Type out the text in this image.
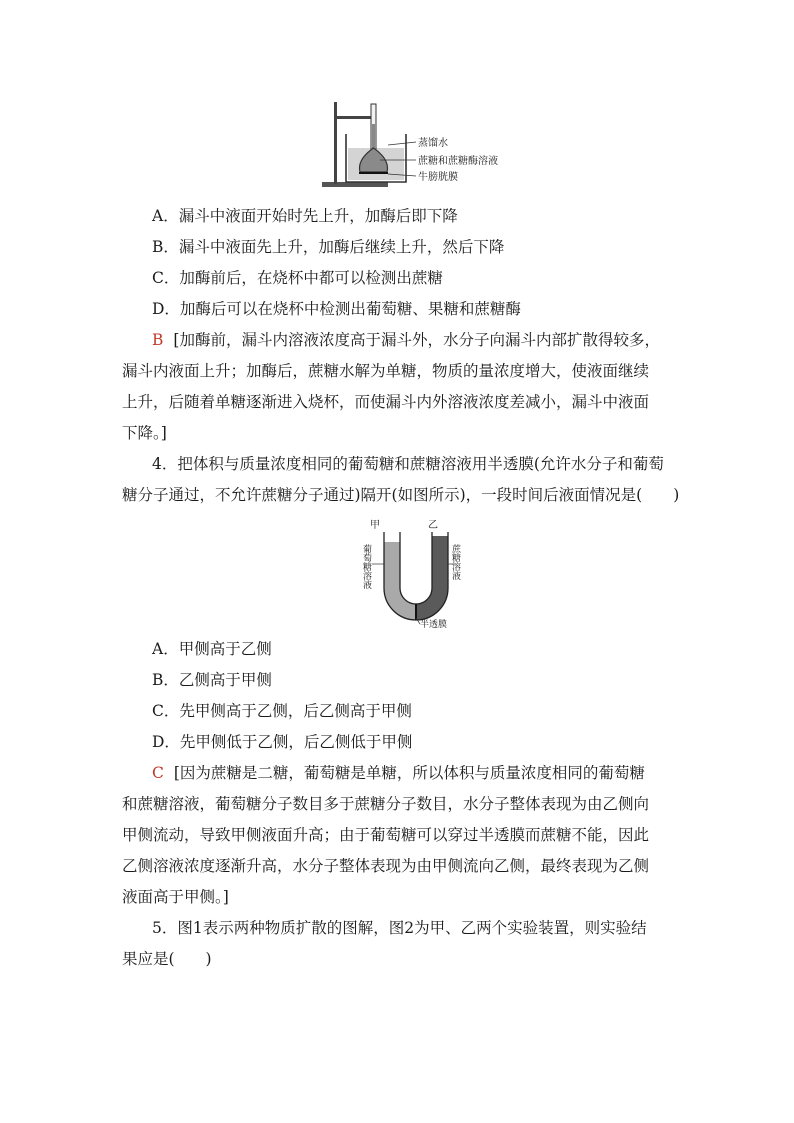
蒸馏水
蔗糖和蔗糖酶溶液
牛膀胱膜
A．漏斗中液面开始时先上升，加酶后即下降
B．漏斗中液面先上升，加酶后继续上升，然后下降
C．加酶前后，在烧杯中都可以检测出蔗糖
D．加酶后可以在烧杯中检测出葡萄糖、果糖和蔗糖酶
B [加酶前，漏斗内溶液浓度高于漏斗外，水分子向漏斗内部扩散得较多，
漏斗内液面上升；加酶后，蔗糖水解为单糖，物质的量浓度增大，使液面继续
上升，后随着单糖逐渐进入烧杯，而使漏斗内外溶液浓度差减小，漏斗中液面
下降。]
4．把体积与质量浓度相同的葡萄糖和蔗糖溶液用半透膜(允许水分子和葡萄
糖分子通过，不允许蔗糖分子通过)隔开(如图所示)，一段时间后液面情况是(　　)
甲	乙
葡萄糖溶液	蔗糖溶液
半透膜
A．甲侧高于乙侧
B．乙侧高于甲侧
C．先甲侧高于乙侧，后乙侧高于甲侧
D．先甲侧低于乙侧，后乙侧低于甲侧
C [因为蔗糖是二糖，葡萄糖是单糖，所以体积与质量浓度相同的葡萄糖
和蔗糖溶液，葡萄糖分子数目多于蔗糖分子数目，水分子整体表现为由乙侧向
甲侧流动，导致甲侧液面升高；由于葡萄糖可以穿过半透膜而蔗糖不能，因此
乙侧溶液浓度逐渐升高，水分子整体表现为由甲侧流向乙侧，最终表现为乙侧
液面高于甲侧。]
5．图1表示两种物质扩散的图解，图2为甲、乙两个实验装置，则实验结
果应是(　　)
